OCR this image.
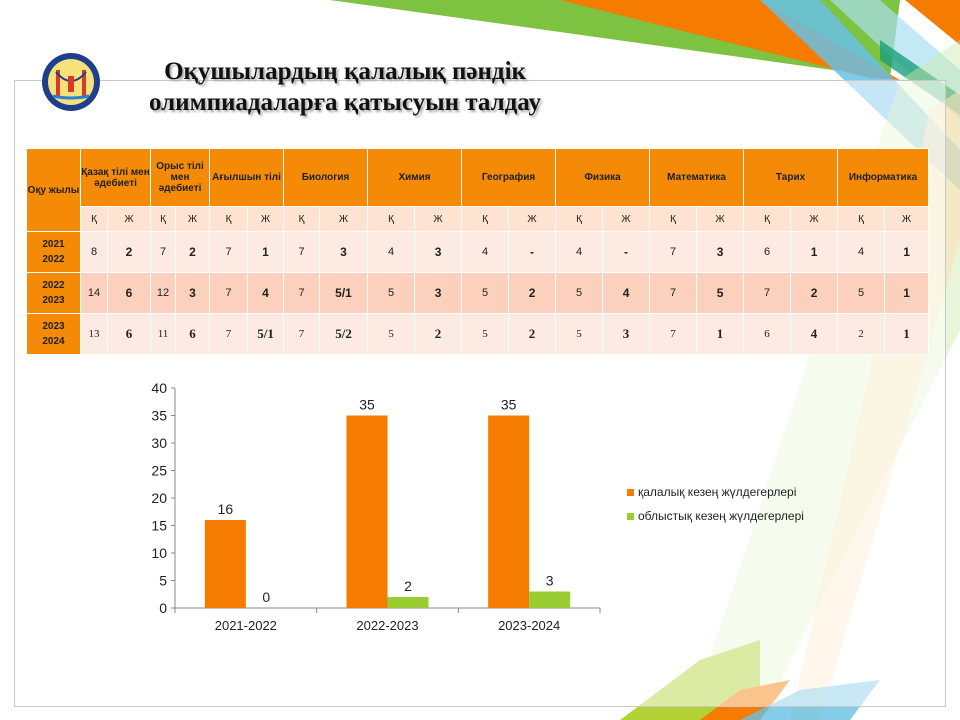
Оқушылардың қалалық пәндік
олимпиадаларға қатысуын талдау
Оқу жылы	Қазақ тілі мен әдебиеті		Орыс тілі мен әдебиеті		Ағылшын тілі		Биология		Химия		География		Физика		Математика		Тарих		Информатика	
	Қ	Ж	Қ	Ж	Қ	Ж	Қ	Ж	Қ	Ж	Қ	Ж	Қ	Ж	Қ	Ж	Қ	Ж	Қ	Ж
2021
2022	8	2	7	2	7	1	7	3	4	3	4	-	4	-	7	3	6	1	4	1
2022
2023	14	6	12	3	7	4	7	5/1	5	3	5	2	5	4	7	5	7	2	5	1
2023
2024	13	6	11	6	7	5/1	7	5/2	5	2	5	2	5	3	7	1	6	4	2	1
0
5
10
15
20
25
30
35
40
2021-2022
16
0
2022-2023
35
2
2023-2024
35
3
қалалық кезең жүлдегерлері
облыстық кезең жүлдегерлері
